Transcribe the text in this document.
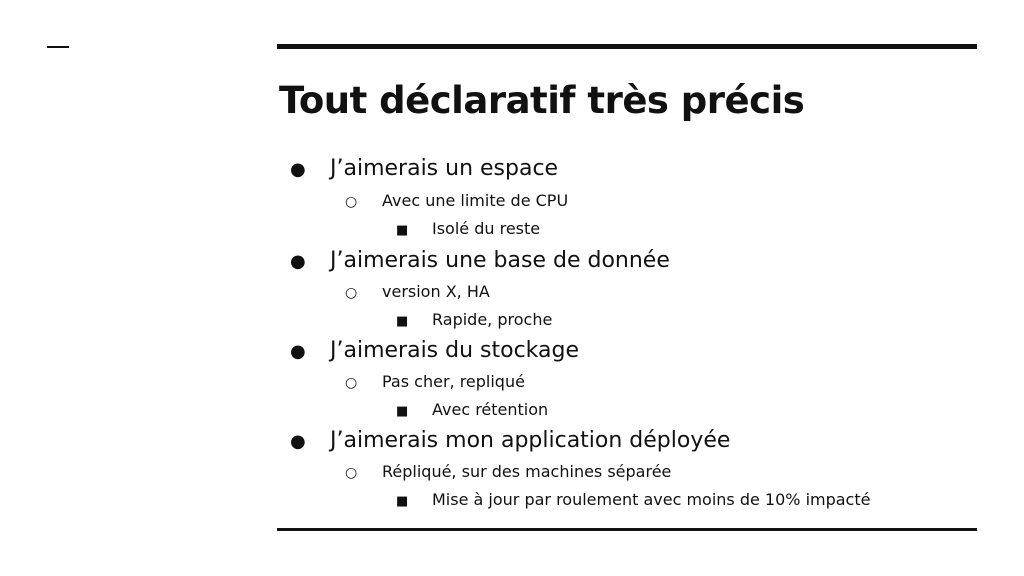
Tout déclaratif très précis
● J’aimerais un espace
○ Avec une limite de CPU
■ Isolé du reste
● J’aimerais une base de donnée
○ version X, HA
■ Rapide, proche
● J’aimerais du stockage
○ Pas cher, repliqué
■ Avec rétention
● J’aimerais mon application déployée
○ Répliqué, sur des machines séparée
■ Mise à jour par roulement avec moins de 10% impacté
